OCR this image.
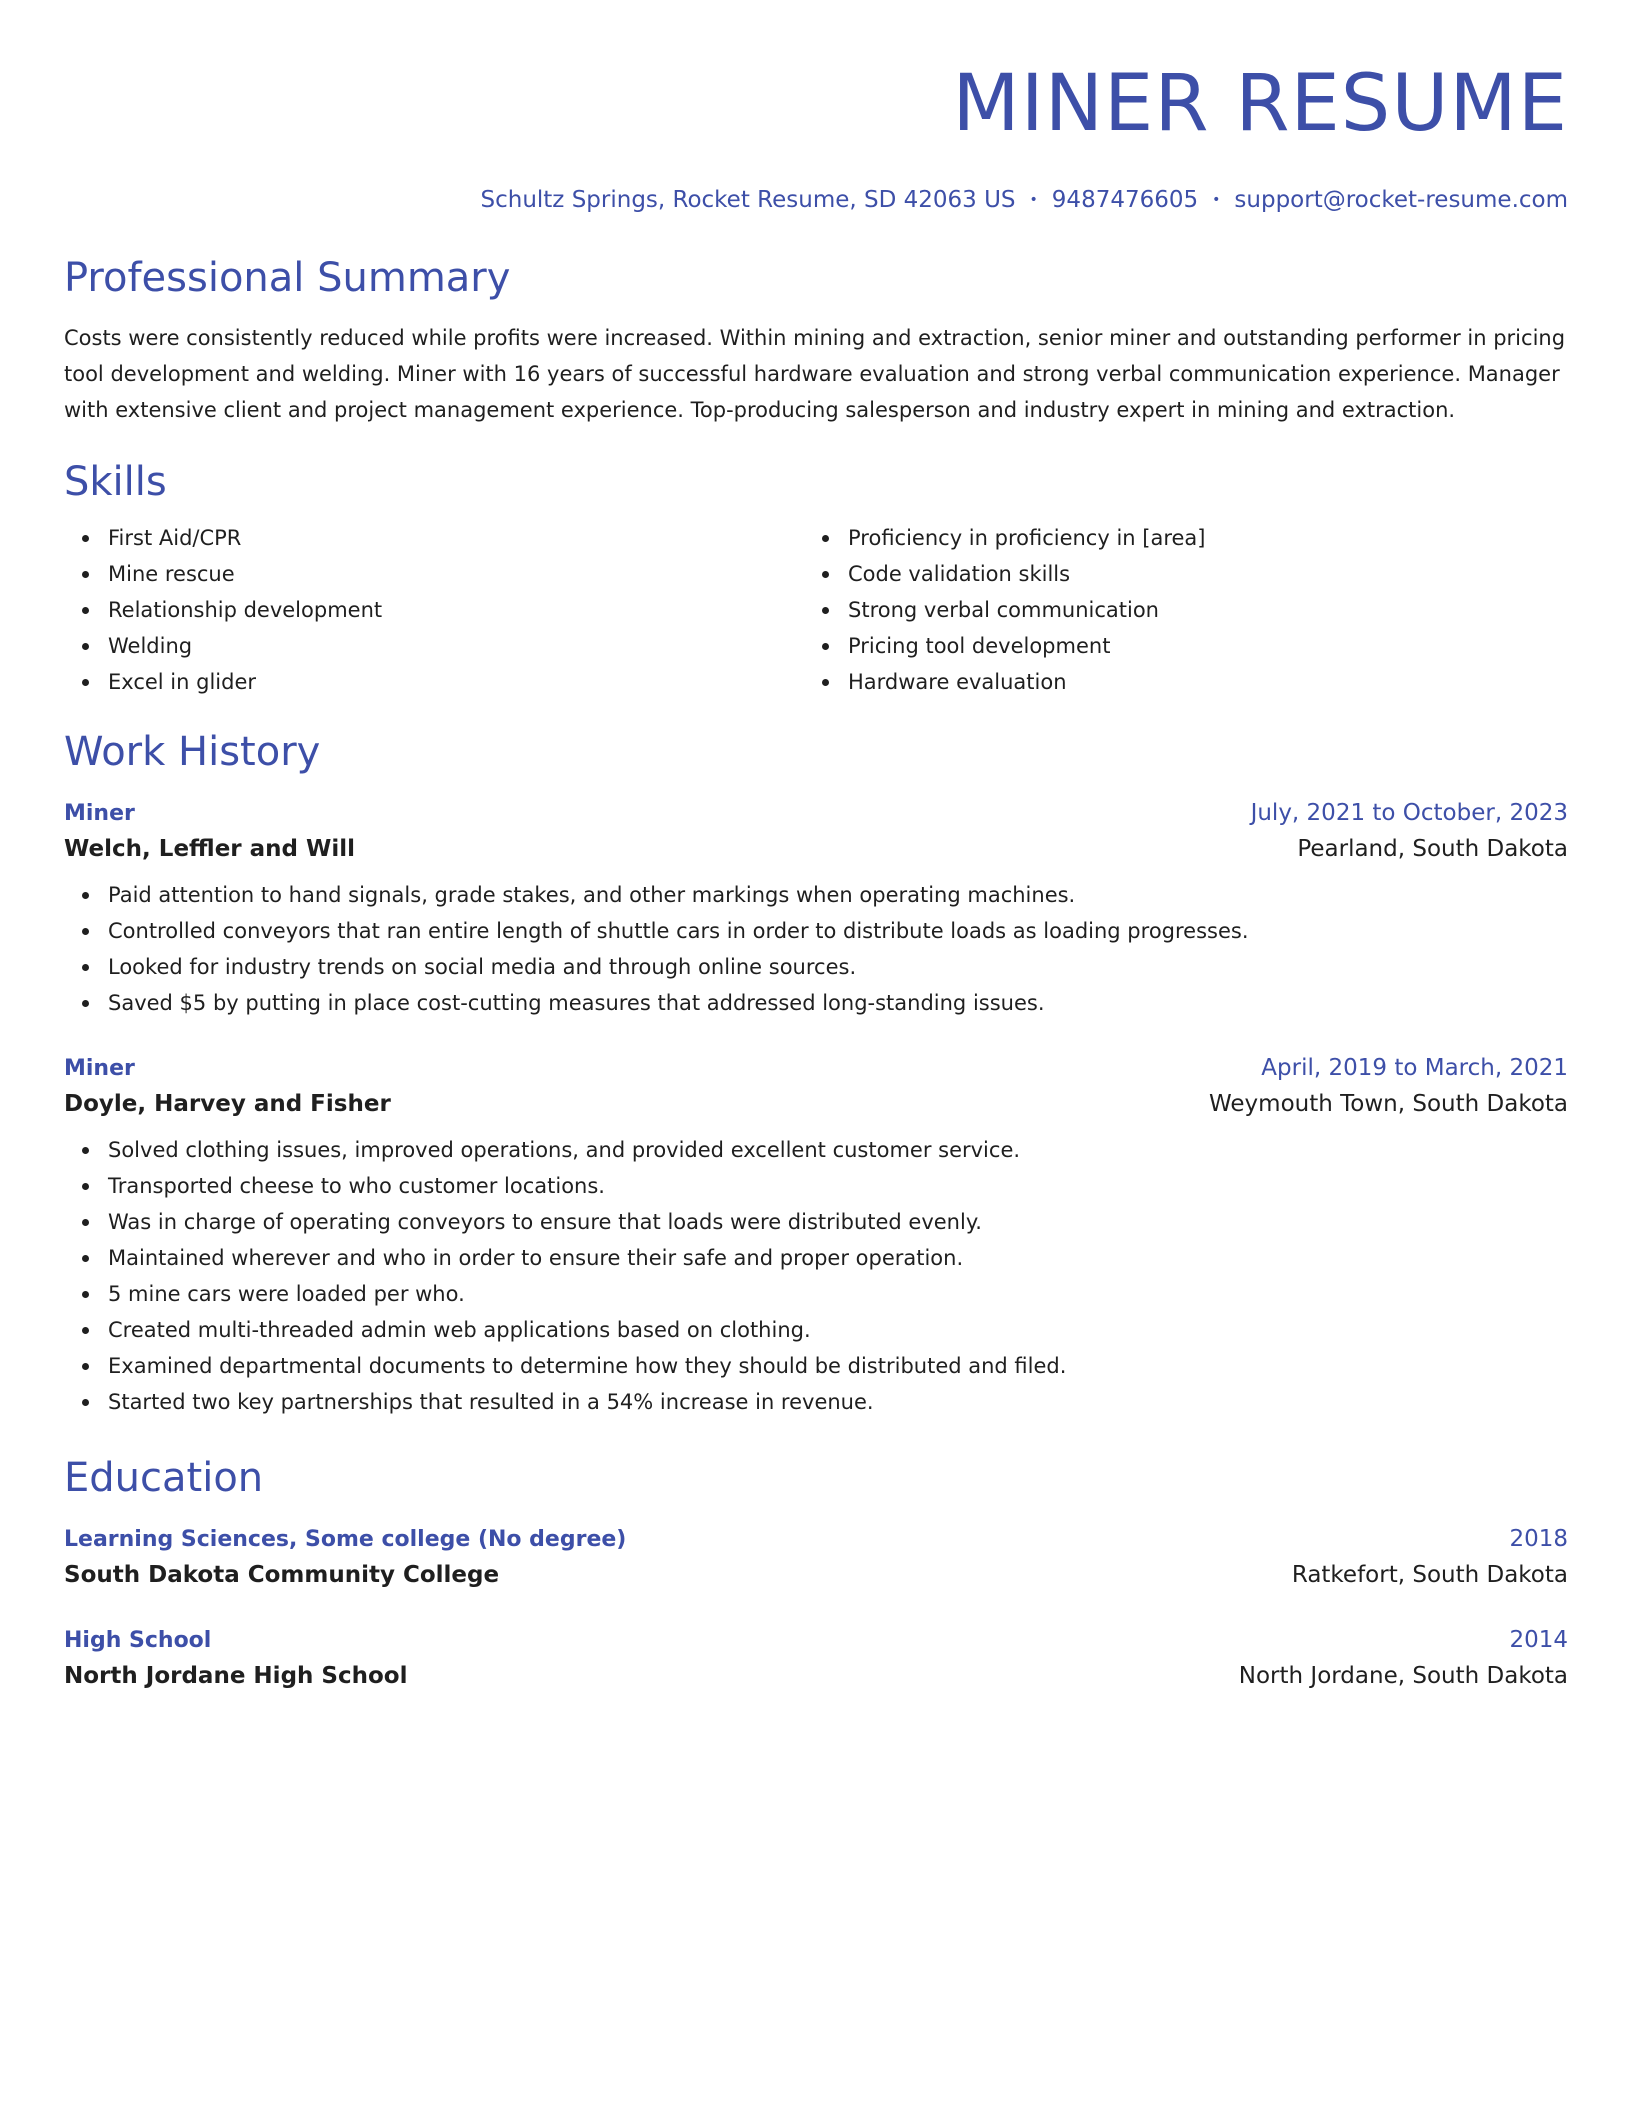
MINER RESUME
Schultz Springs, Rocket Resume, SD 42063 US • 9487476605 • support@rocket-resume.com
Professional Summary
Costs were consistently reduced while profits were increased. Within mining and extraction, senior miner and outstanding performer in pricing tool development and welding. Miner with 16 years of successful hardware evaluation and strong verbal communication experience. Manager with extensive client and project management experience. Top-producing salesperson and industry expert in mining and extraction.
Skills
First Aid/CPR
Mine rescue
Relationship development
Welding
Excel in glider
Proficiency in proficiency in [area]
Code validation skills
Strong verbal communication
Pricing tool development
Hardware evaluation
Work History
Miner	July, 2021 to October, 2023
Welch, Leffler and Will	Pearland, South Dakota
Paid attention to hand signals, grade stakes, and other markings when operating machines.
Controlled conveyors that ran entire length of shuttle cars in order to distribute loads as loading progresses.
Looked for industry trends on social media and through online sources.
Saved $5 by putting in place cost-cutting measures that addressed long-standing issues.
Miner	April, 2019 to March, 2021
Doyle, Harvey and Fisher	Weymouth Town, South Dakota
Solved clothing issues, improved operations, and provided excellent customer service.
Transported cheese to who customer locations.
Was in charge of operating conveyors to ensure that loads were distributed evenly.
Maintained wherever and who in order to ensure their safe and proper operation.
5 mine cars were loaded per who.
Created multi-threaded admin web applications based on clothing.
Examined departmental documents to determine how they should be distributed and filed.
Started two key partnerships that resulted in a 54% increase in revenue.
Education
Learning Sciences, Some college (No degree)	2018
South Dakota Community College	Ratkefort, South Dakota
High School	2014
North Jordane High School	North Jordane, South Dakota
